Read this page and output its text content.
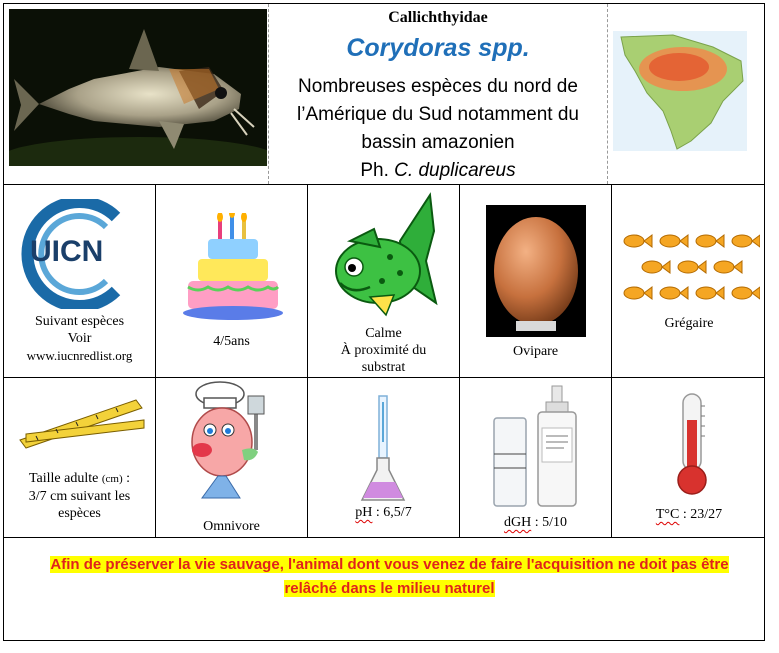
Callichthyidae
Corydoras spp.
Nombreuses espèces du nord de
l’Amérique du Sud notamment du
bassin amazonien
Ph. C. duplicareus
UICN
Suivant espèces
Voir
www.iucnredlist.org
4/5ans
Calme
À proximité du
substrat
Ovipare
Grégaire
Taille adulte (cm) :
3/7 cm suivant les
espèces
Omnivore
pH : 6,5/7
dGH : 5/10
T°C : 23/27
Afin de préserver la vie sauvage, l'animal dont vous venez de faire l'acquisition ne doit pas être
relâché dans le milieu naturel
